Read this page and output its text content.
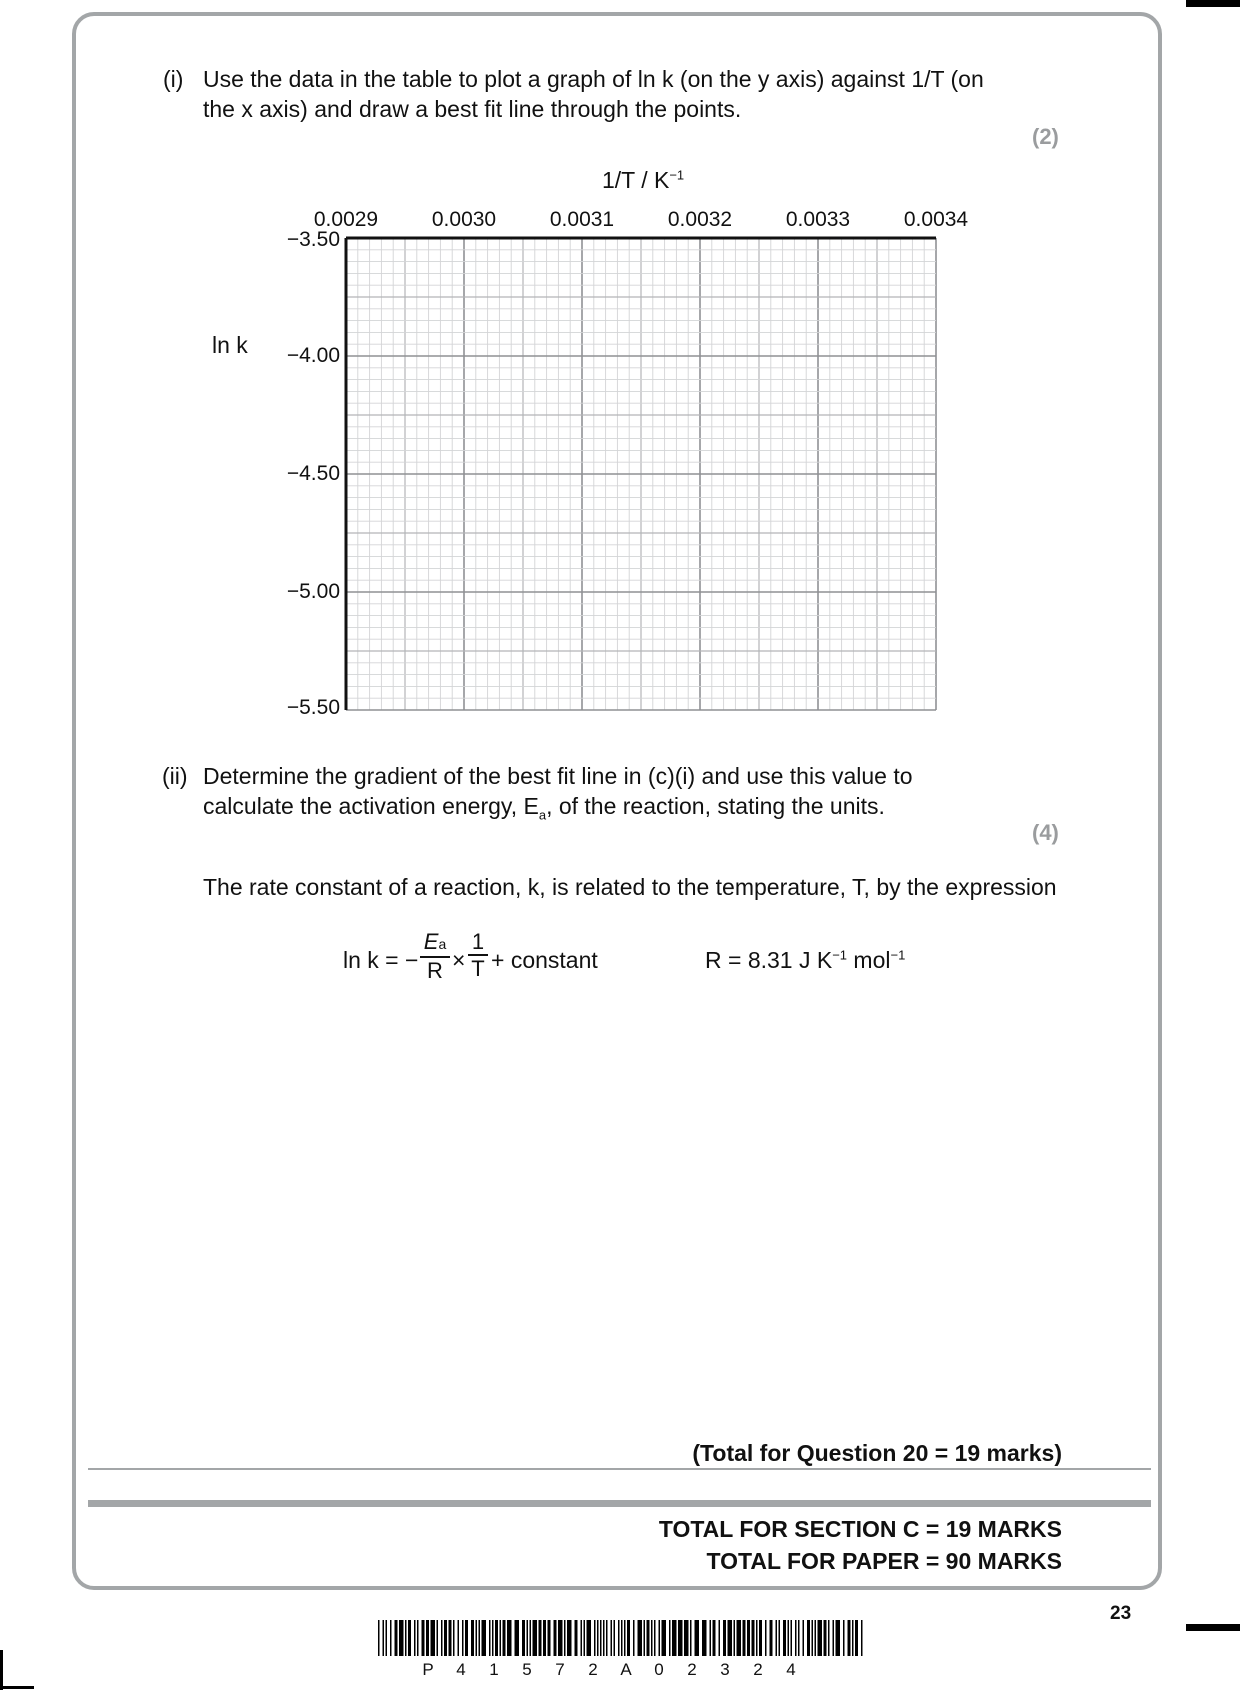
(i) Use the data in the table to plot a graph of ln k (on the y axis) against 1/T (on
the x axis) and draw a best fit line through the points.
(2)
$1/T / K^{-1}$
ln k
0.0029	0.0030	0.0031	0.0032	0.0033	0.0034
−3.50
−4.00
−4.50
−5.00
−5.50
(ii) Determine the gradient of the best fit line in (c)(i) and use this value to
calculate the activation energy, $E_a$, of the reaction, stating the units.
(4)
The rate constant of a reaction, k, is related to the temperature, T, by the expression
ln k = − $\frac{Ea}{R} \times \frac{1}{T}$ + constant	R = 8.31 J $K^{-1}$ mol$^{-1}$
(Total for Question 20 = 19 marks)
TOTAL FOR SECTION C = 19 MARKS
TOTAL FOR PAPER = 90 MARKS
23
P	4	1	5	7	2	A	0	2	3	2	4
